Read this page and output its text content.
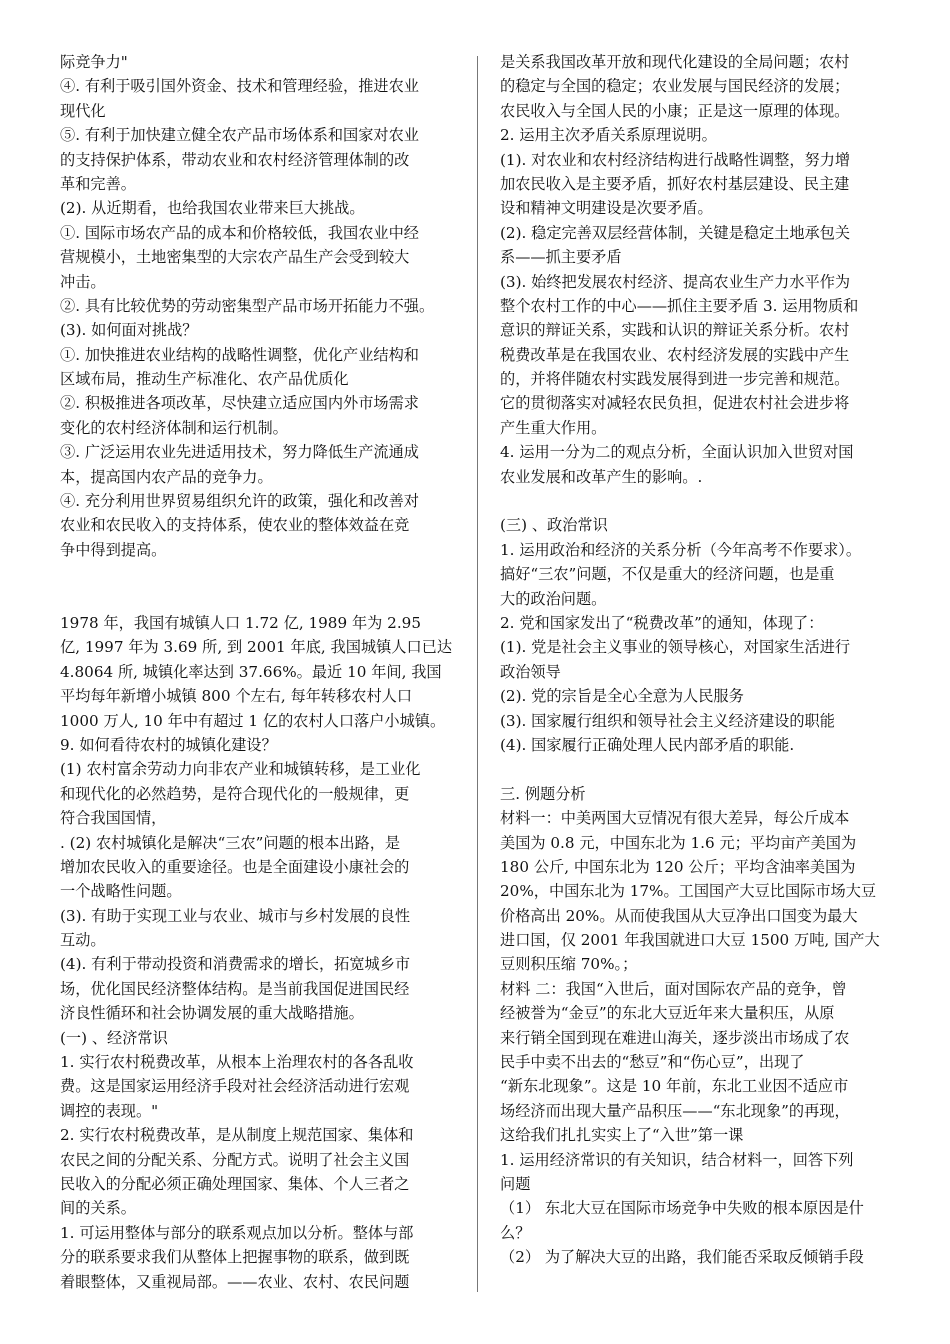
际竞争力"
④. 有利于吸引国外资金、技术和管理经验，推进农业
现代化
⑤. 有利于加快建立健全农产品市场体系和国家对农业
的支持保护体系，带动农业和农村经济管理体制的改
革和完善。
(2). 从近期看，也给我国农业带来巨大挑战。
①. 国际市场农产品的成本和价格较低，我国农业中经
营规模小，土地密集型的大宗农产品生产会受到较大
冲击。
②. 具有比较优势的劳动密集型产品市场开拓能力不强。
(3). 如何面对挑战？
①. 加快推进农业结构的战略性调整，优化产业结构和
区域布局，推动生产标准化、农产品优质化
②. 积极推进各项改革，尽快建立适应国内外市场需求
变化的农村经济体制和运行机制。
③. 广泛运用农业先进适用技术，努力降低生产流通成
本，提高国内农产品的竞争力。
④. 充分利用世界贸易组织允许的政策，强化和改善对
农业和农民收入的支持体系，使农业的整体效益在竞
争中得到提高。
1978 年，我国有城镇人口 1.72 亿, 1989 年为 2.95
亿, 1997 年为 3.69 所, 到 2001 年底, 我国城镇人口已达
4.8064 所, 城镇化率达到 37.66%。最近 10 年间, 我国
平均每年新增小城镇 800 个左右, 每年转移农村人口
1000 万人, 10 年中有超过 1 亿的农村人口落户小城镇。
9. 如何看待农村的城镇化建设？
(1) 农村富余劳动力向非农产业和城镇转移，是工业化
和现代化的必然趋势，是符合现代化的一般规律，更
符合我国国情，
. (2) 农村城镇化是解决“三农”问题的根本出路，是
增加农民收入的重要途径。也是全面建设小康社会的
一个战略性问题。
(3). 有助于实现工业与农业、城市与乡村发展的良性
互动。
(4). 有利于带动投资和消费需求的增长，拓宽城乡市
场，优化国民经济整体结构。是当前我国促进国民经
济良性循环和社会协调发展的重大战略措施。
(一) 、经济常识
1. 实行农村税费改革，从根本上治理农村的各各乱收
费。这是国家运用经济手段对社会经济活动进行宏观
调控的表现。"
2. 实行农村税费改革，是从制度上规范国家、集体和
农民之间的分配关系、分配方式。说明了社会主义国
民收入的分配必须正确处理国家、集体、个人三者之
间的关系。
1. 可运用整体与部分的联系观点加以分析。整体与部
分的联系要求我们从整体上把握事物的联系，做到既
着眼整体，又重视局部。——农业、农村、农民问题
是关系我国改革开放和现代化建设的全局问题；农村
的稳定与全国的稳定；农业发展与国民经济的发展；
农民收入与全国人民的小康；正是这一原理的体现。
2. 运用主次矛盾关系原理说明。
(1). 对农业和农村经济结构进行战略性调整，努力增
加农民收入是主要矛盾，抓好农村基层建设、民主建
设和精神文明建设是次要矛盾。
(2). 稳定完善双层经营体制，关键是稳定土地承包关
系——抓主要矛盾
(3). 始终把发展农村经济、提高农业生产力水平作为
整个农村工作的中心——抓住主要矛盾 3. 运用物质和
意识的辩证关系，实践和认识的辩证关系分析。农村
税费改革是在我国农业、农村经济发展的实践中产生
的，并将伴随农村实践发展得到进一步完善和规范。
它的贯彻落实对减轻农民负担，促进农村社会进步将
产生重大作用。
4. 运用一分为二的观点分析，全面认识加入世贸对国
农业发展和改革产生的影响。.
(三) 、政治常识
1. 运用政治和经济的关系分析（今年高考不作要求）。
搞好“三农”问题，不仅是重大的经济问题，也是重
大的政治问题。
2. 党和国家发出了“税费改革”的通知，体现了：
(1). 党是社会主义事业的领导核心，对国家生活进行
政治领导
(2). 党的宗旨是全心全意为人民服务
(3). 国家履行组织和领导社会主义经济建设的职能
(4). 国家履行正确处理人民内部矛盾的职能.
三. 例题分析
材料一：中美两国大豆情况有很大差异，每公斤成本
美国为 0.8 元，中国东北为 1.6 元；平均亩产美国为
180 公斤, 中国东北为 120 公斤；平均含油率美国为
20%，中国东北为 17%。工国国产大豆比国际市场大豆
价格高出 20%。从而使我国从大豆净出口国变为最大
进口国，仅 2001 年我国就进口大豆 1500 万吨, 国产大
豆则积压缩 70%。；
材料 二：我国“入世后，面对国际农产品的竞争，曾
经被誉为“金豆”的东北大豆近年来大量积压，从原
来行销全国到现在难进山海关，逐步淡出市场成了农
民手中卖不出去的“愁豆”和“伤心豆”，出现了
“新东北现象”。这是 10 年前，东北工业因不适应市
场经济而出现大量产品积压——“东北现象”的再现，
这给我们扎扎实实上了“入世”第一课
1. 运用经济常识的有关知识，结合材料一，回答下列
问题
（1） 东北大豆在国际市场竞争中失败的根本原因是什
么？
（2） 为了解决大豆的出路，我们能否采取反倾销手段
